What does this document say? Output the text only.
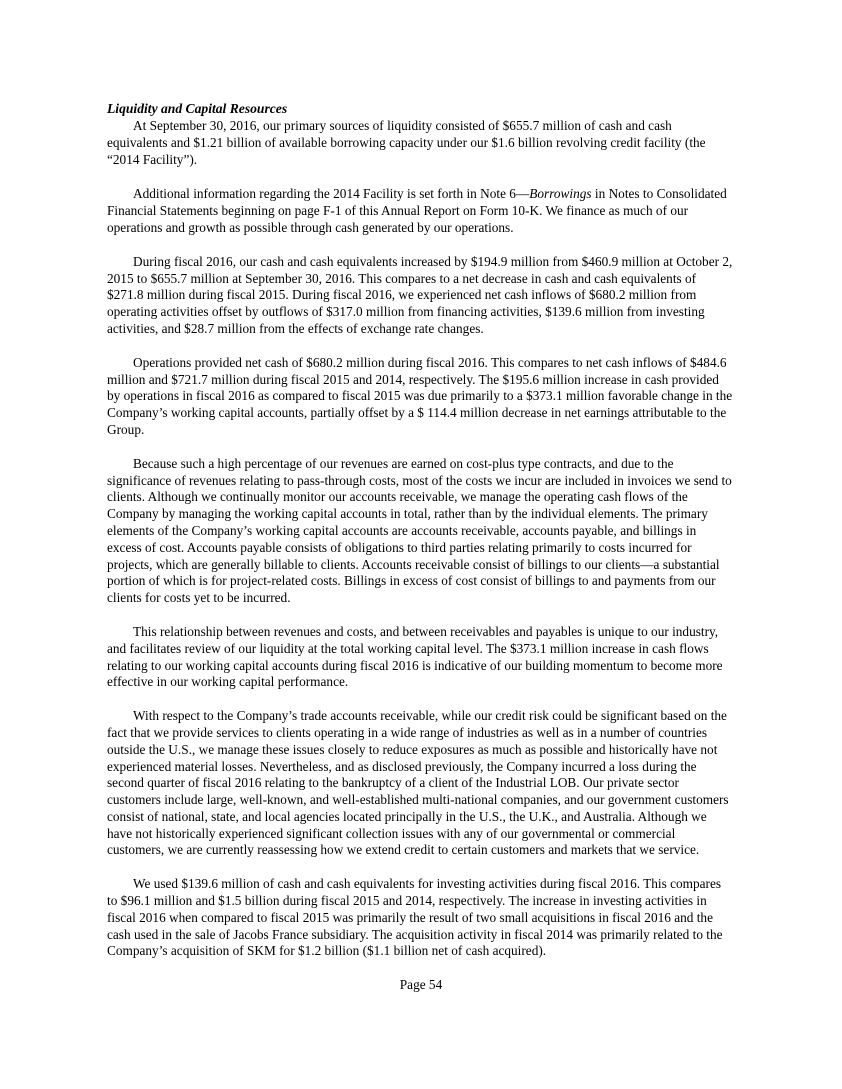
Liquidity and Capital Resources

At September 30, 2016, our primary sources of liquidity consisted of $655.7 million of cash and cash equivalents and $1.21 billion of available borrowing capacity under our $1.6 billion revolving credit facility (the “2014 Facility”).

Additional information regarding the 2014 Facility is set forth in Note 6—Borrowings in Notes to Consolidated Financial Statements beginning on page F-1 of this Annual Report on Form 10-K. We finance as much of our operations and growth as possible through cash generated by our operations.

During fiscal 2016, our cash and cash equivalents increased by $194.9 million from $460.9 million at October 2, 2015 to $655.7 million at September 30, 2016. This compares to a net decrease in cash and cash equivalents of $271.8 million during fiscal 2015. During fiscal 2016, we experienced net cash inflows of $680.2 million from operating activities offset by outflows of $317.0 million from financing activities, $139.6 million from investing activities, and $28.7 million from the effects of exchange rate changes.

Operations provided net cash of $680.2 million during fiscal 2016. This compares to net cash inflows of $484.6 million and $721.7 million during fiscal 2015 and 2014, respectively. The $195.6 million increase in cash provided by operations in fiscal 2016 as compared to fiscal 2015 was due primarily to a $373.1 million favorable change in the Company’s working capital accounts, partially offset by a $ 114.4 million decrease in net earnings attributable to the Group.

Because such a high percentage of our revenues are earned on cost-plus type contracts, and due to the significance of revenues relating to pass-through costs, most of the costs we incur are included in invoices we send to clients. Although we continually monitor our accounts receivable, we manage the operating cash flows of the Company by managing the working capital accounts in total, rather than by the individual elements. The primary elements of the Company’s working capital accounts are accounts receivable, accounts payable, and billings in excess of cost. Accounts payable consists of obligations to third parties relating primarily to costs incurred for projects, which are generally billable to clients. Accounts receivable consist of billings to our clients—a substantial portion of which is for project-related costs. Billings in excess of cost consist of billings to and payments from our clients for costs yet to be incurred.

This relationship between revenues and costs, and between receivables and payables is unique to our industry, and facilitates review of our liquidity at the total working capital level. The $373.1 million increase in cash flows relating to our working capital accounts during fiscal 2016 is indicative of our building momentum to become more effective in our working capital performance.

With respect to the Company’s trade accounts receivable, while our credit risk could be significant based on the fact that we provide services to clients operating in a wide range of industries as well as in a number of countries outside the U.S., we manage these issues closely to reduce exposures as much as possible and historically have not experienced material losses. Nevertheless, and as disclosed previously, the Company incurred a loss during the second quarter of fiscal 2016 relating to the bankruptcy of a client of the Industrial LOB. Our private sector customers include large, well-known, and well-established multi-national companies, and our government customers consist of national, state, and local agencies located principally in the U.S., the U.K., and Australia. Although we have not historically experienced significant collection issues with any of our governmental or commercial customers, we are currently reassessing how we extend credit to certain customers and markets that we service.

We used $139.6 million of cash and cash equivalents for investing activities during fiscal 2016. This compares to $96.1 million and $1.5 billion during fiscal 2015 and 2014, respectively. The increase in investing activities in fiscal 2016 when compared to fiscal 2015 was primarily the result of two small acquisitions in fiscal 2016 and the cash used in the sale of Jacobs France subsidiary. The acquisition activity in fiscal 2014 was primarily related to the Company’s acquisition of SKM for $1.2 billion ($1.1 billion net of cash acquired).

Page 54
